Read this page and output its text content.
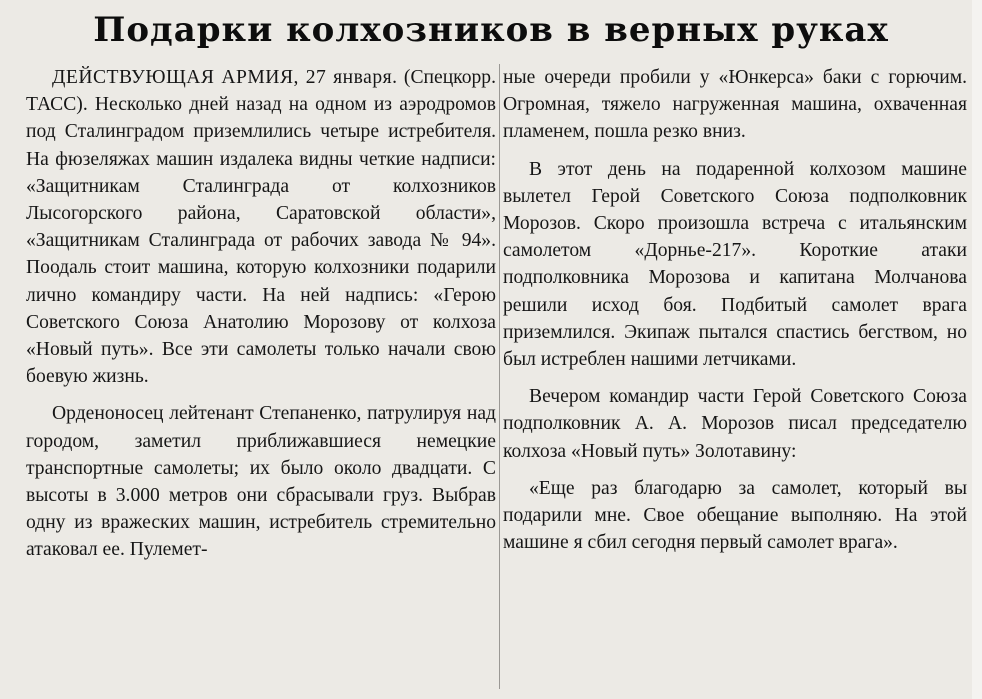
Подарки колхозников в верных руках

ДЕЙСТВУЮЩАЯ АРМИЯ, 27 января. (Спецкорр. ТАСС). Несколько дней назад на одном из аэродромов под Сталинградом приземлились четыре истребителя. На фюзеляжах машин издалека видны четкие надписи: «Защитникам Сталинграда от колхозников Лысогорского района, Саратовской области», «Защитникам Сталинграда от рабочих завода № 94». Поодаль стоит машина, которую колхозники подарили лично командиру части. На ней надпись: «Герою Советского Союза Анатолию Морозову от колхоза «Новый путь». Все эти самолеты только начали свою боевую жизнь.

Орденоносец лейтенант Степаненко, патрулируя над городом, заметил приближавшиеся немецкие транспортные самолеты; их было около двадцати. С высоты в 3.000 метров они сбрасывали груз. Выбрав одну из вражеских машин, истребитель стремительно атаковал ее. Пулемет-

ные очереди пробили у «Юнкерса» баки с горючим. Огромная, тяжело нагруженная машина, охваченная пламенем, пошла резко вниз.

В этот день на подаренной колхозом машине вылетел Герой Советского Союза подполковник Морозов. Скоро произошла встреча с итальянским самолетом «Дорнье-217». Короткие атаки подполковника Морозова и капитана Молчанова решили исход боя. Подбитый самолет врага приземлился. Экипаж пытался спастись бегством, но был истреблен нашими летчиками.

Вечером командир части Герой Советского Союза подполковник А. А. Морозов писал председателю колхоза «Новый путь» Золотавину:

«Еще раз благодарю за самолет, который вы подарили мне. Свое обещание выполняю. На этой машине я сбил сегодня первый самолет врага».
